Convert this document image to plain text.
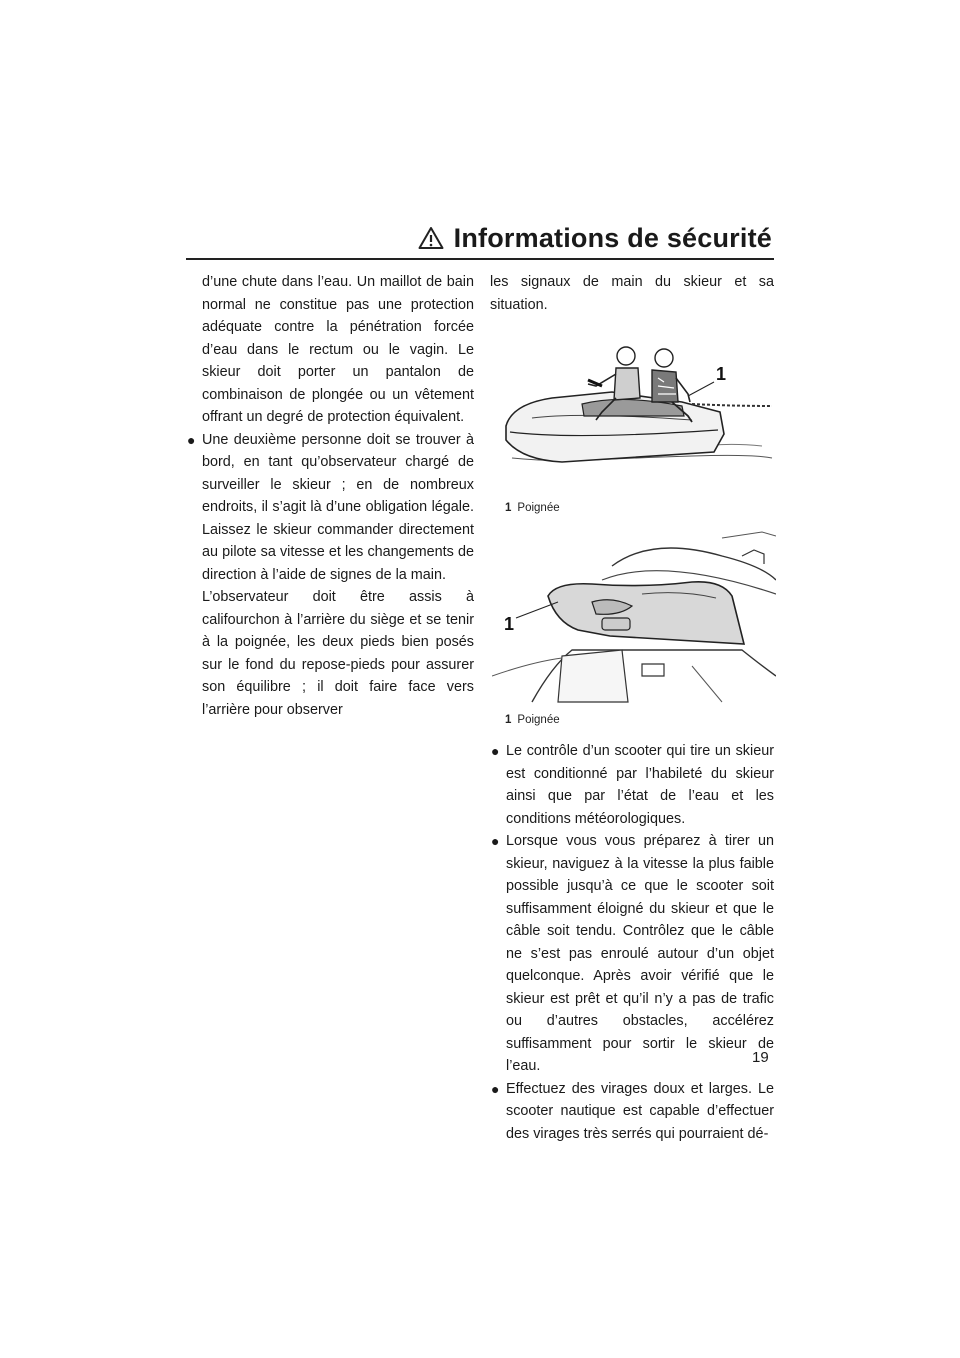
Informations de sécurité

d’une chute dans l’eau. Un maillot de bain normal ne constitue pas une protection adéquate contre la pénétration forcée d’eau dans le rectum ou le vagin. Le skieur doit porter un pantalon de combinaison de plongée ou un vêtement offrant un degré de protection équivalent.

● Une deuxième personne doit se trouver à bord, en tant qu’observateur chargé de surveiller le skieur ; en de nombreux endroits, il s’agit là d’une obligation légale. Laissez le skieur commander directement au pilote sa vitesse et les changements de direction à l’aide de signes de la main.

L’observateur doit être assis à califourchon à l’arrière du siège et se tenir à la poignée, les deux pieds bien posés sur le fond du repose-pieds pour assurer son équilibre ; il doit faire face vers l’arrière pour observer

les signaux de main du skieur et sa situation.

1
1 Poignée
1
1 Poignée
● Le contrôle d’un scooter qui tire un skieur est conditionné par l’habileté du skieur ainsi que par l’état de l’eau et les conditions météorologiques.
● Lorsque vous vous préparez à tirer un skieur, naviguez à la vitesse la plus faible possible jusqu’à ce que le scooter soit suffisamment éloigné du skieur et que le câble soit tendu. Contrôlez que le câble ne s’est pas enroulé autour d’un objet quelconque. Après avoir vérifié que le skieur est prêt et qu’il n’y a pas de trafic ou d’autres obstacles, accélérez suffisamment pour sortir le skieur de l’eau.
● Effectuez des virages doux et larges. Le scooter nautique est capable d’effectuer des virages très serrés qui pourraient dé-
19
